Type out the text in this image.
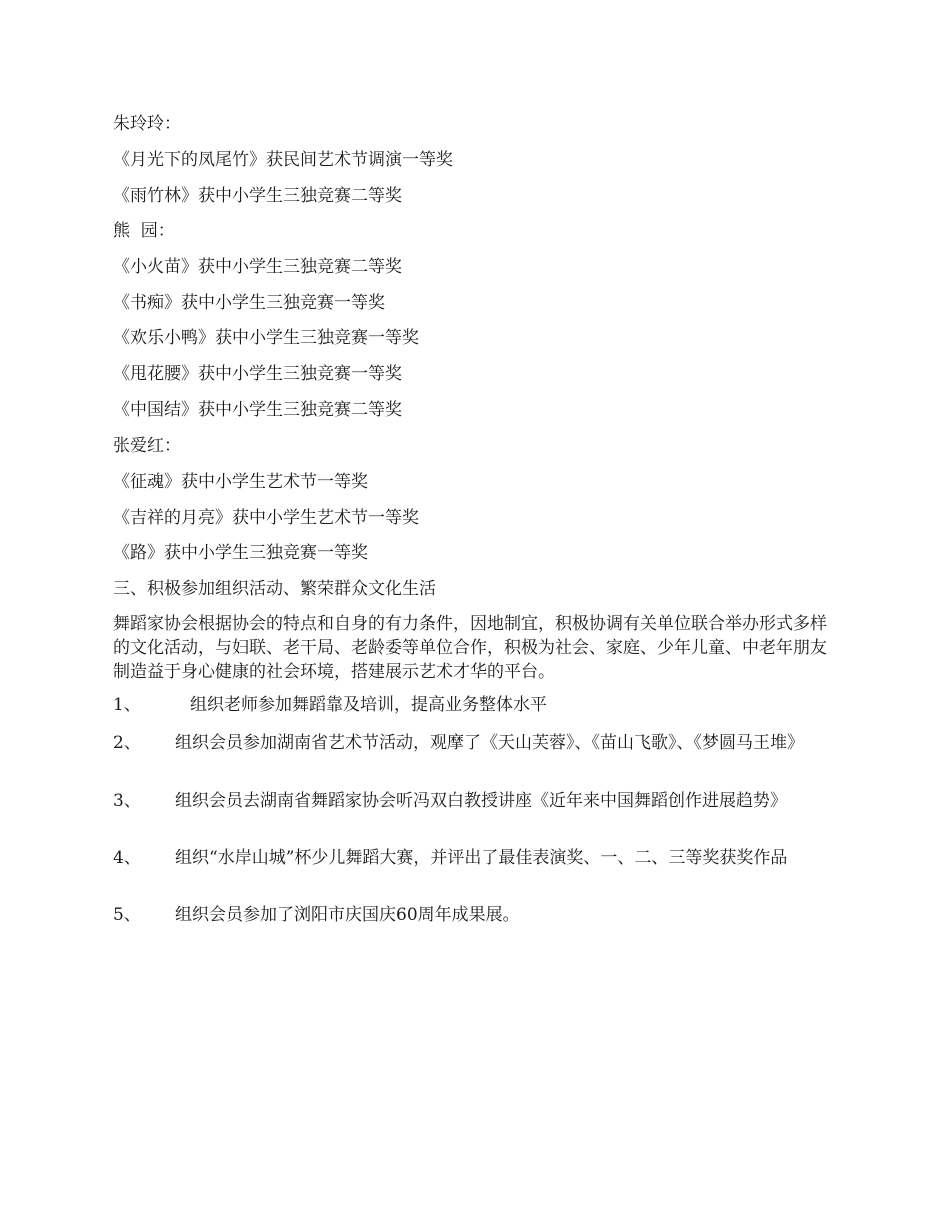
朱玲玲：
《月光下的凤尾竹》获民间艺术节调演一等奖
《雨竹林》获中小学生三独竞赛二等奖
熊  园：
《小火苗》获中小学生三独竞赛二等奖
《书痴》获中小学生三独竞赛一等奖
《欢乐小鸭》获中小学生三独竞赛一等奖
《甩花腰》获中小学生三独竞赛一等奖
《中国结》获中小学生三独竞赛二等奖
张爱红：
《征魂》获中小学生艺术节一等奖
《吉祥的月亮》获中小学生艺术节一等奖
《路》获中小学生三独竞赛一等奖
三、积极参加组织活动、繁荣群众文化生活
舞蹈家协会根据协会的特点和自身的有力条件，因地制宜，积极协调有关单位联合举办形式多样的文化活动，与妇联、老干局、老龄委等单位合作，积极为社会、家庭、少年儿童、中老年朋友制造益于身心健康的社会环境，搭建展示艺术才华的平台。
1、	组织老师参加舞蹈靠及培训，提高业务整体水平
2、	组织会员参加湖南省艺术节活动，观摩了《天山芙蓉》、《苗山飞歌》、《梦圆马王堆》
3、	组织会员去湖南省舞蹈家协会听冯双白教授讲座《近年来中国舞蹈创作进展趋势》
4、	组织“水岸山城”杯少儿舞蹈大赛，并评出了最佳表演奖、一、二、三等奖获奖作品
5、	组织会员参加了浏阳市庆国庆60周年成果展。
